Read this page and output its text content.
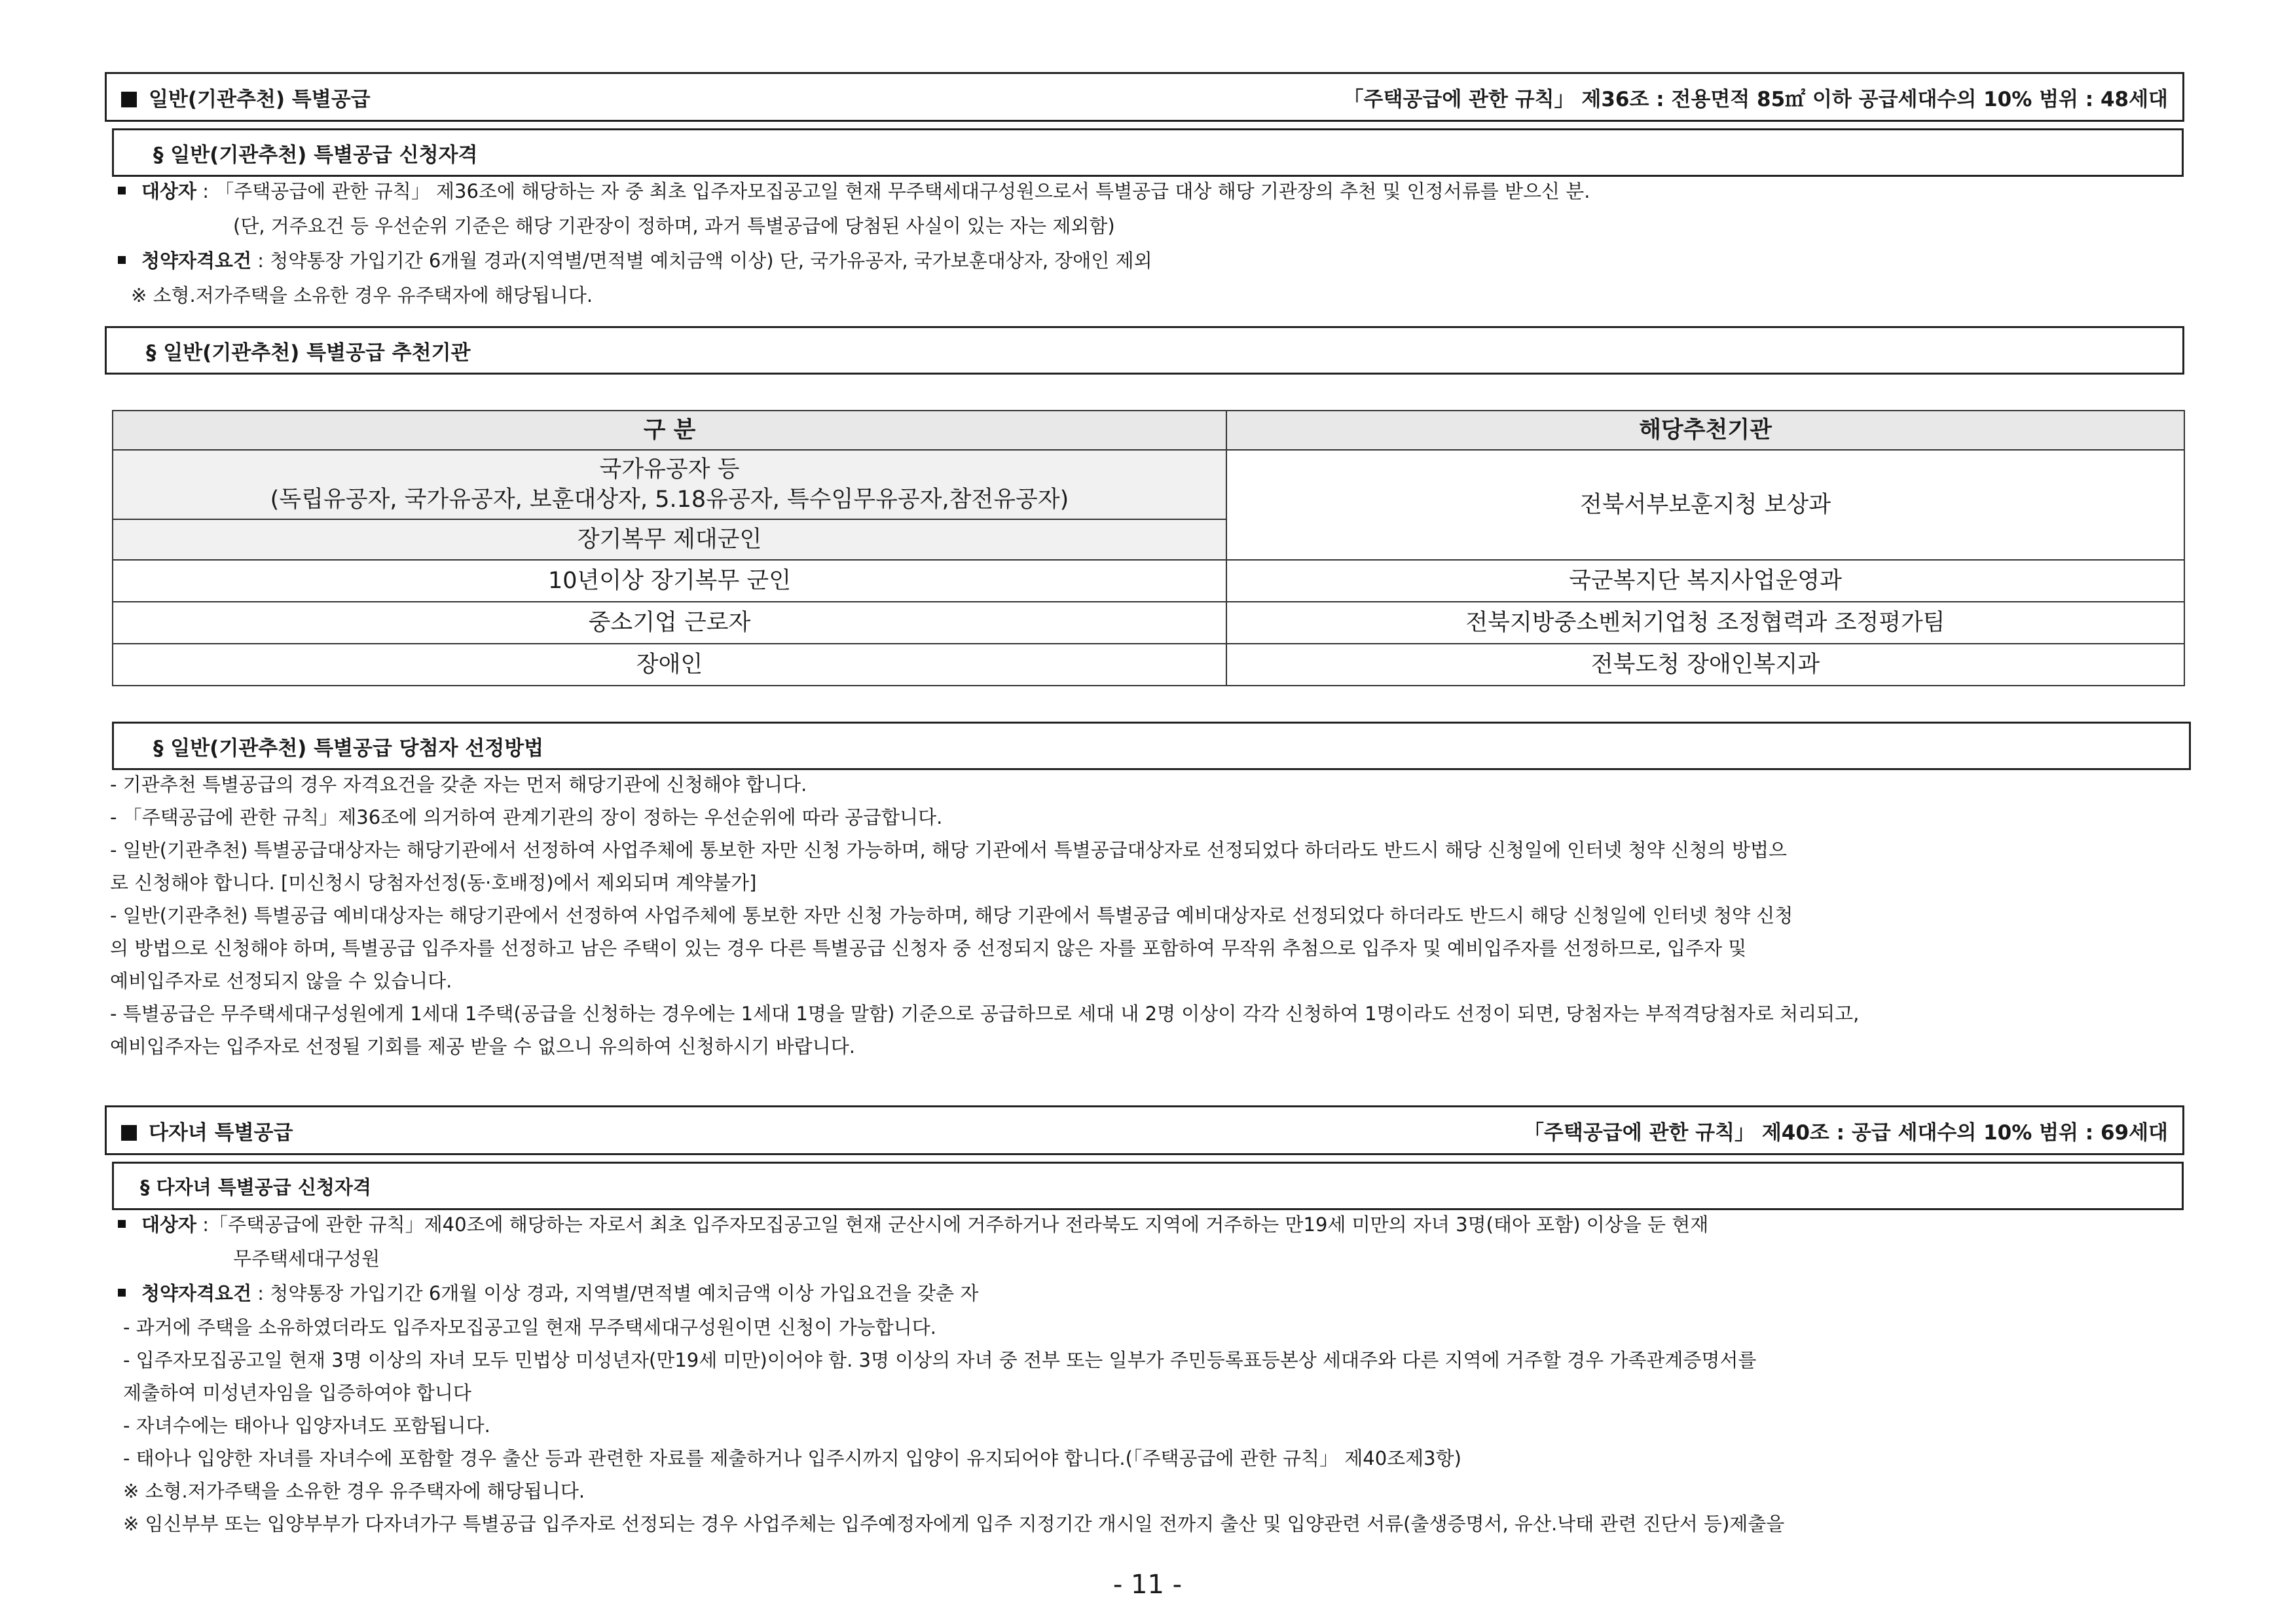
일반(기관추천) 특별공급	「주택공급에 관한 규칙」 제36조 : 전용면적 85㎡ 이하 공급세대수의 10% 범위 : 48세대
§ 일반(기관추천) 특별공급 신청자격
대상자 : 「주택공급에 관한 규칙」 제36조에 해당하는 자 중 최초 입주자모집공고일 현재 무주택세대구성원으로서 특별공급 대상 해당 기관장의 추천 및 인정서류를 받으신 분.
(단, 거주요건 등 우선순위 기준은 해당 기관장이 정하며, 과거 특별공급에 당첨된 사실이 있는 자는 제외함)
청약자격요건 : 청약통장 가입기간 6개월 경과(지역별/면적별 예치금액 이상) 단, 국가유공자, 국가보훈대상자, 장애인 제외
※ 소형.저가주택을 소유한 경우 유주택자에 해당됩니다.
§ 일반(기관추천) 특별공급 추천기관
구 분	해당추천기관

국가유공자 등
(독립유공자, 국가유공자, 보훈대상자, 5.18유공자, 특수임무유공자,참전유공자)	전북서부보훈지청 보상과
장기복무 제대군인	
10년이상 장기복무 군인	국군복지단 복지사업운영과
중소기업 근로자	전북지방중소벤처기업청 조정협력과 조정평가팀
장애인	전북도청 장애인복지과
§ 일반(기관추천) 특별공급 당첨자 선정방법
- 기관추천 특별공급의 경우 자격요건을 갖춘 자는 먼저 해당기관에 신청해야 합니다.
- 「주택공급에 관한 규칙」제36조에 의거하여 관계기관의 장이 정하는 우선순위에 따라 공급합니다.
- 일반(기관추천) 특별공급대상자는 해당기관에서 선정하여 사업주체에 통보한 자만 신청 가능하며, 해당 기관에서 특별공급대상자로 선정되었다 하더라도 반드시 해당 신청일에 인터넷 청약 신청의 방법으
로 신청해야 합니다. [미신청시 당첨자선정(동·호배정)에서 제외되며 계약불가]
- 일반(기관추천) 특별공급 예비대상자는 해당기관에서 선정하여 사업주체에 통보한 자만 신청 가능하며, 해당 기관에서 특별공급 예비대상자로 선정되었다 하더라도 반드시 해당 신청일에 인터넷 청약 신청
의 방법으로 신청해야 하며, 특별공급 입주자를 선정하고 남은 주택이 있는 경우 다른 특별공급 신청자 중 선정되지 않은 자를 포함하여 무작위 추첨으로 입주자 및 예비입주자를 선정하므로, 입주자 및
예비입주자로 선정되지 않을 수 있습니다.
- 특별공급은 무주택세대구성원에게 1세대 1주택(공급을 신청하는 경우에는 1세대 1명을 말함) 기준으로 공급하므로 세대 내 2명 이상이 각각 신청하여 1명이라도 선정이 되면, 당첨자는 부적격당첨자로 처리되고,
예비입주자는 입주자로 선정될 기회를 제공 받을 수 없으니 유의하여 신청하시기 바랍니다.
다자녀 특별공급	「주택공급에 관한 규칙」 제40조 : 공급 세대수의 10% 범위 : 69세대
§ 다자녀 특별공급 신청자격
대상자 :「주택공급에 관한 규칙」제40조에 해당하는 자로서 최초 입주자모집공고일 현재 군산시에 거주하거나 전라북도 지역에 거주하는 만19세 미만의 자녀 3명(태아 포함) 이상을 둔 현재
무주택세대구성원
청약자격요건 : 청약통장 가입기간 6개월 이상 경과, 지역별/면적별 예치금액 이상 가입요건을 갖춘 자
- 과거에 주택을 소유하였더라도 입주자모집공고일 현재 무주택세대구성원이면 신청이 가능합니다.
- 입주자모집공고일 현재 3명 이상의 자녀 모두 민법상 미성년자(만19세 미만)이어야 함. 3명 이상의 자녀 중 전부 또는 일부가 주민등록표등본상 세대주와 다른 지역에 거주할 경우 가족관계증명서를
제출하여 미성년자임을 입증하여야 합니다
- 자녀수에는 태아나 입양자녀도 포함됩니다.
- 태아나 입양한 자녀를 자녀수에 포함할 경우 출산 등과 관련한 자료를 제출하거나 입주시까지 입양이 유지되어야 합니다.(「주택공급에 관한 규칙」 제40조제3항)
※ 소형.저가주택을 소유한 경우 유주택자에 해당됩니다.
※ 임신부부 또는 입양부부가 다자녀가구 특별공급 입주자로 선정되는 경우 사업주체는 입주예정자에게 입주 지정기간 개시일 전까지 출산 및 입양관련 서류(출생증명서, 유산.낙태 관련 진단서 등)제출을
- 11 -
